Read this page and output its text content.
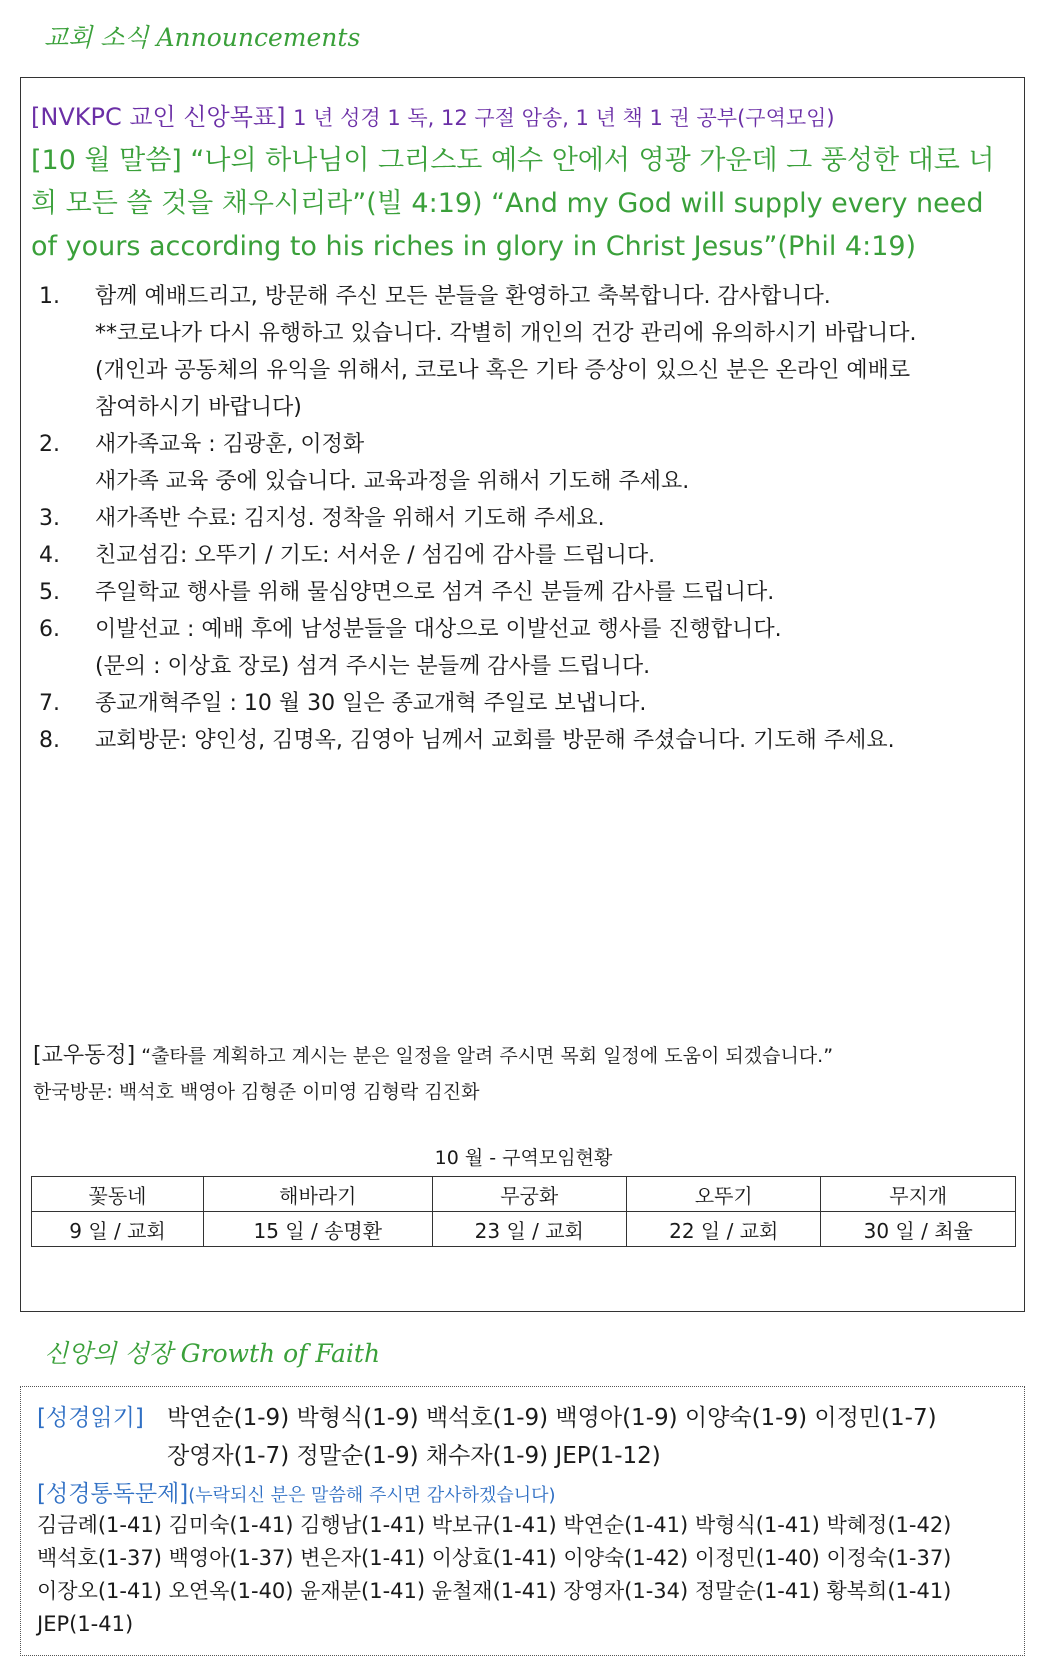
교회 소식 Announcements
[NVKPC 교인 신앙목표] 1 년 성경 1 독, 12 구절 암송, 1 년 책 1 권 공부(구역모임)
[10 월 말씀] “나의 하나님이 그리스도 예수 안에서 영광 가운데 그 풍성한 대로 너희 모든 쓸 것을 채우시리라”(빌 4:19) “And my God will supply every need of yours according to his riches in glory in Christ Jesus”(Phil 4:19)
1. 함께 예배드리고, 방문해 주신 모든 분들을 환영하고 축복합니다. 감사합니다.
**코로나가 다시 유행하고 있습니다. 각별히 개인의 건강 관리에 유의하시기 바랍니다.
(개인과 공동체의 유익을 위해서, 코로나 혹은 기타 증상이 있으신 분은 온라인 예배로
참여하시기 바랍니다)
2. 새가족교육 : 김광훈, 이정화
새가족 교육 중에 있습니다. 교육과정을 위해서 기도해 주세요.
3. 새가족반 수료: 김지성. 정착을 위해서 기도해 주세요.
4. 친교섬김: 오뚜기 / 기도: 서서운 / 섬김에 감사를 드립니다.
5. 주일학교 행사를 위해 물심양면으로 섬겨 주신 분들께 감사를 드립니다.
6. 이발선교 : 예배 후에 남성분들을 대상으로 이발선교 행사를 진행합니다.
(문의 : 이상효 장로) 섬겨 주시는 분들께 감사를 드립니다.
7. 종교개혁주일 : 10 월 30 일은 종교개혁 주일로 보냅니다.
8. 교회방문: 양인성, 김명옥, 김영아 님께서 교회를 방문해 주셨습니다. 기도해 주세요.
[교우동정] “출타를 계획하고 계시는 분은 일정을 알려 주시면 목회 일정에 도움이 되겠습니다.”
한국방문: 백석호 백영아 김형준 이미영 김형락 김진화
10 월 - 구역모임현황
꽃동네	해바라기	무궁화	오뚜기	무지개
9 일 / 교회	15 일 / 송명환	23 일 / 교회	22 일 / 교회	30 일 / 최율
신앙의 성장 Growth of Faith
[성경읽기] 박연순(1-9) 박형식(1-9) 백석호(1-9) 백영아(1-9) 이양숙(1-9) 이정민(1-7)
장영자(1-7) 정말순(1-9) 채수자(1-9) JEP(1-12)
[성경통독문제](누락되신 분은 말씀해 주시면 감사하겠습니다)
김금례(1-41) 김미숙(1-41) 김행남(1-41) 박보규(1-41) 박연순(1-41) 박형식(1-41) 박혜정(1-42)
백석호(1-37) 백영아(1-37) 변은자(1-41) 이상효(1-41) 이양숙(1-42) 이정민(1-40) 이정숙(1-37)
이장오(1-41) 오연옥(1-40) 윤재분(1-41) 윤철재(1-41) 장영자(1-34) 정말순(1-41) 황복희(1-41)
JEP(1-41)
